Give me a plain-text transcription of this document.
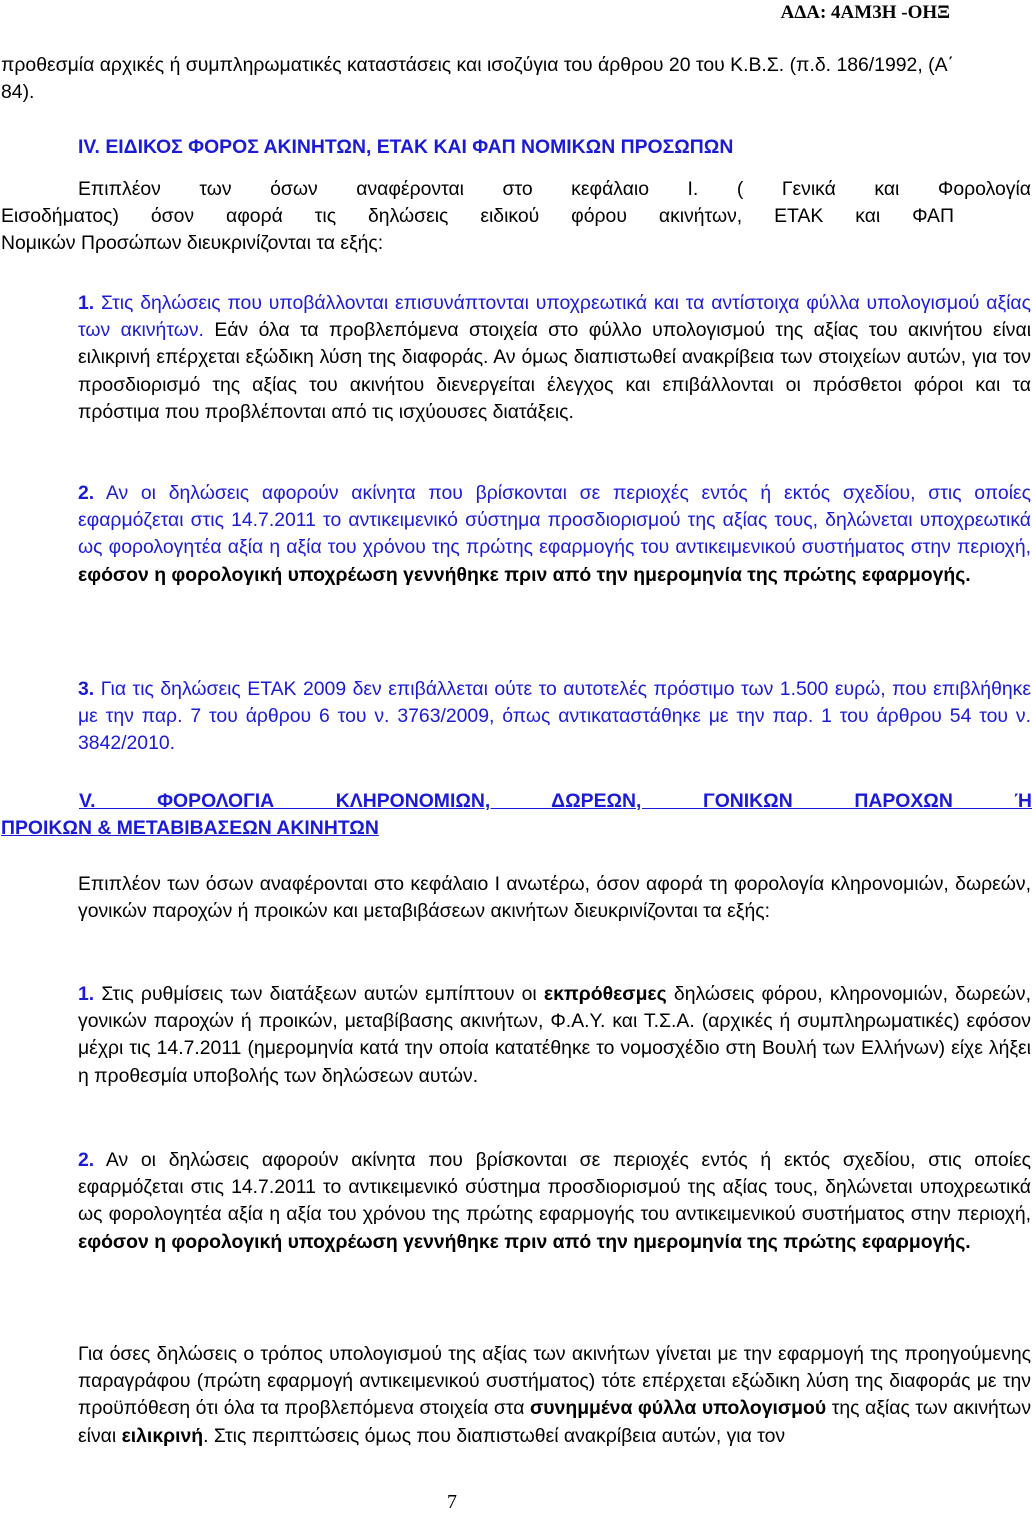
ΑΔΑ: 4ΑΜ3Η -ΟΗΞ

προθεσμία αρχικές ή συμπληρωματικές καταστάσεις και ισοζύγια του άρθρου 20 του Κ.Β.Σ. (π.δ. 186/1992, (Α΄ 84).

IV. ΕΙΔΙΚΟΣ ΦΟΡΟΣ ΑΚΙΝΗΤΩΝ, ΕΤΑΚ ΚΑΙ ΦΑΠ ΝΟΜΙΚΩΝ ΠΡΟΣΩΠΩΝ
Επιπλέον των όσων αναφέρονται στο κεφάλαιο Ι. ( Γενικά και Φορολογία
Εισοδήματος) όσον αφορά τις δηλώσεις ειδικού φόρου ακινήτων, ΕΤΑΚ και ΦΑΠ
Νομικών Προσώπων διευκρινίζονται τα εξής:

1. Στις δηλώσεις που υποβάλλονται επισυνάπτονται υποχρεωτικά και τα αντίστοιχα φύλλα υπολογισμού αξίας των ακινήτων. Εάν όλα τα προβλεπόμενα στοιχεία στο φύλλο υπολογισμού της αξίας του ακινήτου είναι ειλικρινή επέρχεται εξώδικη λύση της διαφοράς. Αν όμως διαπιστωθεί ανακρίβεια των στοιχείων αυτών, για τον προσδιορισμό της αξίας του ακινήτου διενεργείται έλεγχος και επιβάλλονται οι πρόσθετοι φόροι και τα πρόστιμα που προβλέπονται από τις ισχύουσες διατάξεις.

2. Αν οι δηλώσεις αφορούν ακίνητα που βρίσκονται σε περιοχές εντός ή εκτός σχεδίου, στις οποίες εφαρμόζεται στις 14.7.2011 το αντικειμενικό σύστημα προσδιορισμού της αξίας τους, δηλώνεται υποχρεωτικά ως φορολογητέα αξία η αξία του χρόνου της πρώτης εφαρμογής του αντικειμενικού συστήματος στην περιοχή, εφόσον η φορολογική υποχρέωση γεννήθηκε πριν από την ημερομηνία της πρώτης εφαρμογής.

3. Για τις δηλώσεις ΕΤΑΚ 2009 δεν επιβάλλεται ούτε το αυτοτελές πρόστιμο των 1.500 ευρώ, που επιβλήθηκε με την παρ. 7 του άρθρου 6 του ν. 3763/2009, όπως αντικαταστάθηκε με την παρ. 1 του άρθρου 54 του ν. 3842/2010.

V. ΦΟΡΟΛΟΓΙΑ ΚΛΗΡΟΝΟΜΙΩΝ, ΔΩΡΕΩΝ, ΓΟΝΙΚΩΝ ΠΑΡΟΧΩΝ Ή
ΠΡΟΙΚΩΝ & ΜΕΤΑΒΙΒΑΣΕΩΝ ΑΚΙΝΗΤΩΝ

Επιπλέον των όσων αναφέρονται στο κεφάλαιο Ι ανωτέρω, όσον αφορά τη φορολογία κληρονομιών, δωρεών, γονικών παροχών ή προικών και μεταβιβάσεων ακινήτων διευκρινίζονται τα εξής:

1. Στις ρυθμίσεις των διατάξεων αυτών εμπίπτουν οι εκπρόθεσμες δηλώσεις φόρου, κληρονομιών, δωρεών, γονικών παροχών ή προικών, μεταβίβασης ακινήτων, Φ.Α.Υ. και Τ.Σ.Α. (αρχικές ή συμπληρωματικές) εφόσον μέχρι τις 14.7.2011 (ημερομηνία κατά την οποία κατατέθηκε το νομοσχέδιο στη Βουλή των Ελλήνων) είχε λήξει η προθεσμία υποβολής των δηλώσεων αυτών.

2. Αν οι δηλώσεις αφορούν ακίνητα που βρίσκονται σε περιοχές εντός ή εκτός σχεδίου, στις οποίες εφαρμόζεται στις 14.7.2011 το αντικειμενικό σύστημα προσδιορισμού της αξίας τους, δηλώνεται υποχρεωτικά ως φορολογητέα αξία η αξία του χρόνου της πρώτης εφαρμογής του αντικειμενικού συστήματος στην περιοχή, εφόσον η φορολογική υποχρέωση γεννήθηκε πριν από την ημερομηνία της πρώτης εφαρμογής.

Για όσες δηλώσεις ο τρόπος υπολογισμού της αξίας των ακινήτων γίνεται με την εφαρμογή της προηγούμενης παραγράφου (πρώτη εφαρμογή αντικειμενικού συστήματος) τότε επέρχεται εξώδικη λύση της διαφοράς με την προϋπόθεση ότι όλα τα προβλεπόμενα στοιχεία στα συνημμένα φύλλα υπολογισμού της αξίας των ακινήτων είναι ειλικρινή. Στις περιπτώσεις όμως που διαπιστωθεί ανακρίβεια αυτών, για τον

7
